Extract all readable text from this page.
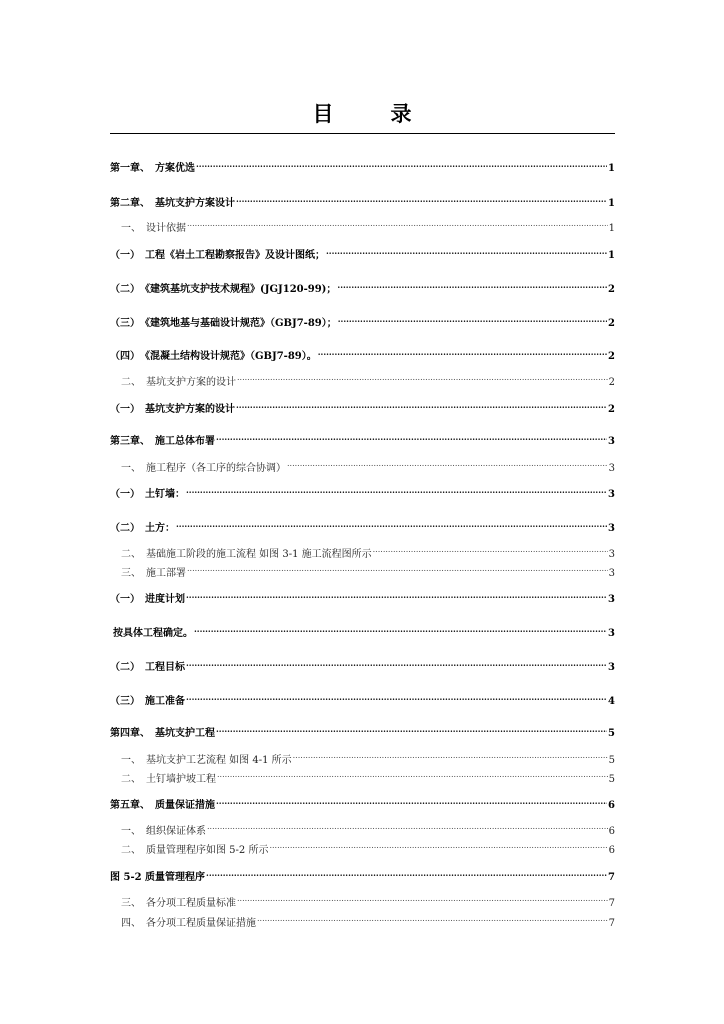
目　录
第一章、　方案优选 .....	1
第二章、　基坑支护方案设计 .....	1
一、　设计依据 .....	1
（一）　工程《岩土工程勘察报告》及设计图纸； .....	1
（二）　《建筑基坑支护技术规程》(JGJ120-99)； .....	2
（三）　《建筑地基与基础设计规范》（GBJ7-89）； .....	2
（四）　《混凝土结构设计规范》（GBJ7-89）。 .....	2
二、　基坑支护方案的设计 .....	2
（一）　基坑支护方案的设计 .....	2
第三章、　施工总体布署 .....	3
一、　施工程序（各工序的综合协调） .....	3
（一）　土钉墙： .....	3
（二）　土方： .....	3
二、　基础施工阶段的施工流程 如图 3-1 施工流程图所示 .....	3
三、　施工部署 .....	3
（一）　进度计划 .....	3
按具体工程确定。 .....	3
（二）　工程目标 .....	3
（三）　施工准备 .....	4
第四章、　基坑支护工程 .....	5
一、　基坑支护工艺流程 如图 4-1 所示 .....	5
二、　土钉墙护坡工程 .....	5
第五章、　质量保证措施 .....	6
一、　组织保证体系 .....	6
二、　质量管理程序如图 5-2 所示 .....	6
图 5-2 质量管理程序 .....	7
三、　各分项工程质量标准 .....	7
四、　各分项工程质量保证措施 .....	7
